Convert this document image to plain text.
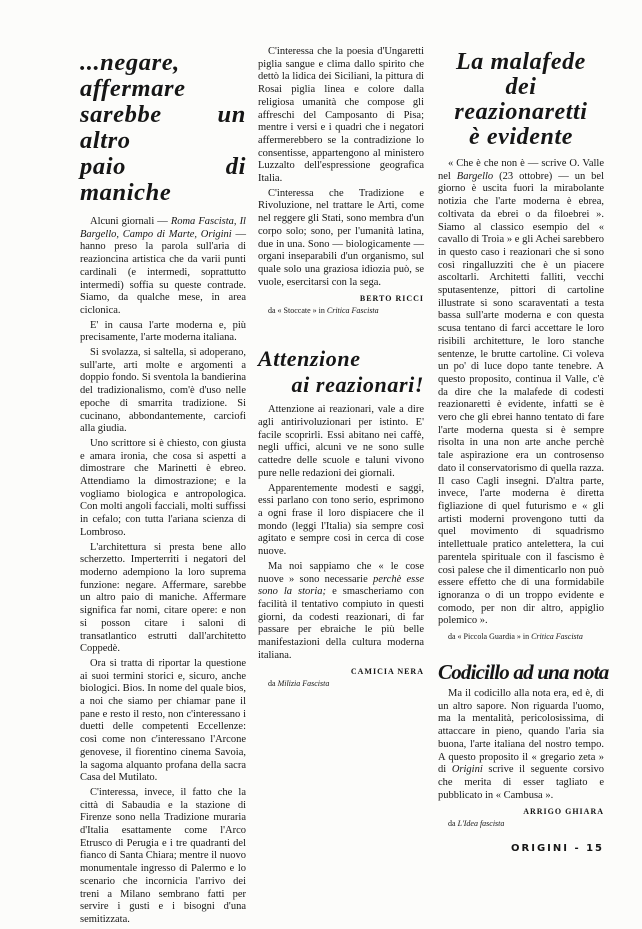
...negare, affermare
sarebbe un altro
paio di maniche

Alcuni giornali — Roma Fascista, Il Bargello, Campo di Marte, Origini — hanno preso la parola sull'aria di reazioncina artistica che da varii punti cardinali (e intermedi, soprattutto intermedi) soffia su queste contrade. Siamo, da qualche mese, in area ciclonica.

E' in causa l'arte moderna e, più precisamente, l'arte moderna italiana.

Si svolazza, si saltella, si adoperano, sull'arte, arti molte e argomenti a doppio fondo. Si sventola la bandierina del tradizionalismo, com'è d'uso nelle epoche di smarrita tradizione. Si cucinano, abbondantemente, carciofi alla giudia.

Uno scrittore si è chiesto, con giusta e amara ironia, che cosa si aspetti a dimostrare che Marinetti è ebreo. Attendiamo la dimostrazione; e la vogliamo biologica e antropologica. Con molti angoli facciali, molti suffissi in cefalo; con tutta l'ariana scienza di Lombroso.

L'architettura si presta bene allo scherzetto. Imperterriti i negatori del moderno adempiono la loro suprema funzione: negare. Affermare, sarebbe un altro paio di maniche. Affermare significa far nomi, citare opere: e non si posson citare i saloni di transatlantico estrutti dall'architetto Coppedè.

Ora si tratta di riportar la questione ai suoi termini storici e, sicuro, anche biologici. Bios. In nome del quale bios, a noi che siamo per chiamar pane il pane e resto il resto, non c'interessano i duetti delle competenti Eccellenze: così come non c'interessano l'Arcone genovese, il fiorentino cinema Savoia, la sagoma alquanto profana della sacra Casa del Mutilato.

C'interessa, invece, il fatto che la città di Sabaudia e la stazione di Firenze sono nella Tradizione muraria d'Italia esattamente come l'Arco Etrusco di Perugia e i tre quadranti del fianco di Santa Chiara; mentre il nuovo monumentale ingresso di Palermo e lo scenario che incornicia l'arrivo dei treni a Milano sembrano fatti per servire i gusti e i bisogni d'una semitizzata.

C'interessa che la poesia d'Ungaretti piglia sangue e clima dallo spirito che dettò la lidica dei Siciliani, la pittura di Rosai piglia linea e colore dalla religiosa umanità che compose gli affreschi del Camposanto di Pisa; mentre i versi e i quadri che i negatori affermerebbero se la contradizione lo consentisse, appartengono al ministero Luzzalto dell'espressione geografica Italia.

C'interessa che Tradizione e Rivoluzione, nel trattare le Arti, come nel reggere gli Stati, sono membra d'un corpo solo; sono, per l'umanità latina, due in una. Sono — biologicamente — organi inseparabili d'un organismo, sul quale solo una graziosa idiozia può, se vuole, esercitarsi con la sega.

BERTO RICCI

da « Stoccate » in Critica Fascista

Attenzione
ai reazionari!

Attenzione ai reazionari, vale a dire agli antirivoluzionari per istinto. E' facile scoprirli. Essi abitano nei caffè, negli uffici, alcuni ve ne sono sulle cattedre delle scuole e taluni vivono pure nelle redazioni dei giornali.

Apparentemente modesti e saggi, essi parlano con tono serio, esprimono a ogni frase il loro dispiacere che il mondo (leggi l'Italia) sia sempre così agitato e sempre così in cerca di cose nuove.

Ma noi sappiamo che « le cose nuove » sono necessarie perchè esse sono la storia; e smascheriamo con facilità il tentativo compiuto in questi giorni, da codesti reazionari, di far passare per ebraiche le più belle manifestazioni della cultura moderna italiana.

CAMICIA NERA

da Milizia Fascista

La malafede
dei reazionaretti
è evidente

« Che è che non è — scrive O. Valle nel Bargello (23 ottobre) — un bel giorno è uscita fuori la mirabolante notizia che l'arte moderna è ebrea, coltivata da ebrei o da filoebrei ». Siamo al classico esempio del « cavallo di Troia » e gli Achei sarebbero in questo caso i reazionari che si sono così ringalluzziti che è un piacere ascoltarli. Architetti falliti, vecchi sputasentenze, pittori di cartoline illustrate si sono scaraventati a testa bassa sull'arte moderna e con questa scusa tentano di farci accettare le loro risibili architetture, le loro stanche sentenze, le brutte cartoline. Ci voleva un po' di luce dopo tante tenebre. A questo proposito, continua il Valle, c'è da dire che la malafede di codesti reazionaretti è evidente, infatti se è vero che gli ebrei hanno tentato di fare l'arte moderna questa si è sempre risolta in una non arte anche perchè tale aspirazione era un controsenso dato il conservatorismo di quella razza. Il caso Cagli insegni. D'altra parte, invece, l'arte moderna è diretta figliazione di quel futurismo e « gli artisti moderni provengono tutti da quel movimento di squadrismo intellettuale pratico antelettera, la cui parentela spirituale con il fascismo è così palese che il dimenticarlo non può essere effetto che di una formidabile ignoranza o di un troppo evidente e comodo, per non dir altro, appiglio polemico ».

da « Piccola Guardia » in Critica Fascista

Codicillo ad una nota

Ma il codicillo alla nota era, ed è, di un altro sapore. Non riguarda l'uomo, ma la mentalità, pericolosissima, di attaccare in pieno, quando l'aria sia buona, l'arte italiana del nostro tempo. A questo proposito il « gregario zeta » di Origini scrive il seguente corsivo che merita di esser tagliato e pubblicato in « Cambusa ».

ARRIGO GHIARA

da L'Idea fascista

ORIGINI - 15
